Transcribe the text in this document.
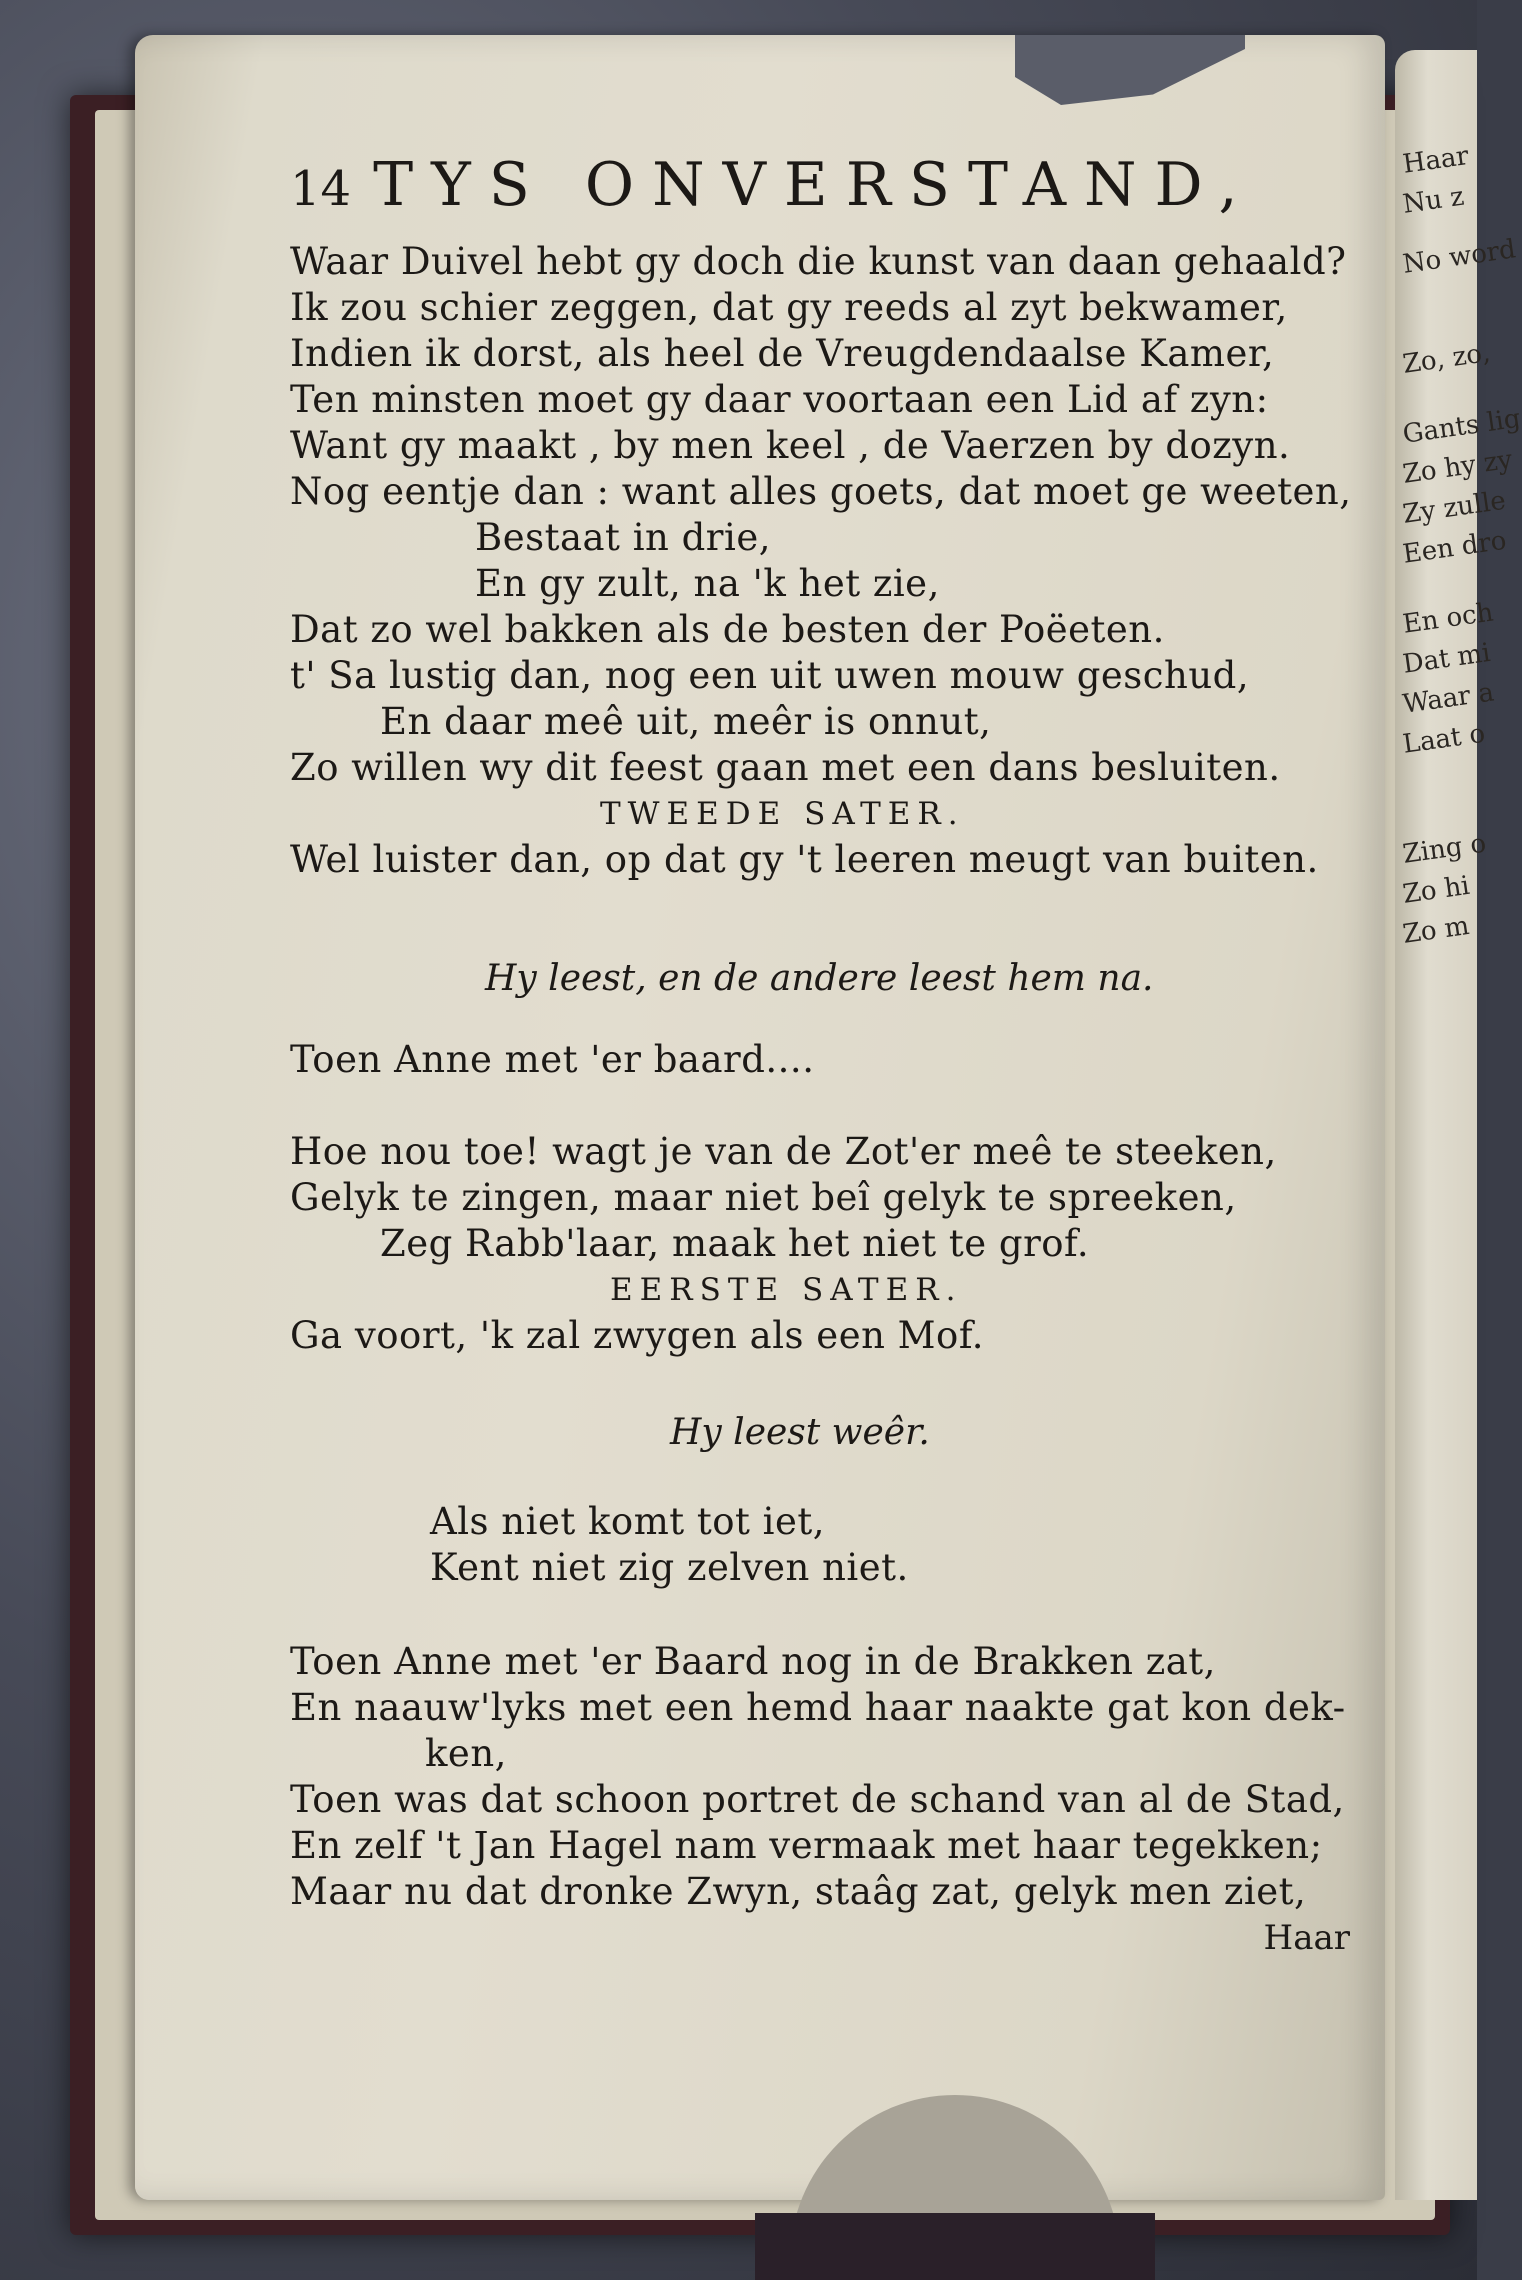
Haar
Nu z
No word
Zo, zo,
Gants lig
Zo hy zy
Zy zulle
Een dro
En och
Dat mi
Waar a
Laat o
Zing o
Zo hi
Zo m
14 TYS ONVERSTAND,
Waar Duivel hebt gy doch die kunst van daan gehaald?
Ik zou schier zeggen, dat gy reeds al zyt bekwamer,
Indien ik dorst, als heel de Vreugdendaalse Kamer,
Ten minsten moet gy daar voortaan een Lid af zyn:
Want gy maakt , by men keel , de Vaerzen by dozyn.
Nog eentje dan : want alles goets, dat moet ge weeten,
Bestaat in drie,
En gy zult, na 'k het zie,
Dat zo wel bakken als de besten der Poëeten.
t' Sa lustig dan, nog een uit uwen mouw geschud,
En daar meê uit, meêr is onnut,
Zo willen wy dit feest gaan met een dans besluiten.
TWEEDE SATER.
Wel luister dan, op dat gy 't leeren meugt van buiten.
Hy leest, en de andere leest hem na.
Toen Anne met 'er baard....
Hoe nou toe! wagt je van de Zot'er meê te steeken,
Gelyk te zingen, maar niet beî gelyk te spreeken,
Zeg Rabb'laar, maak het niet te grof.
EERSTE SATER.
Ga voort, 'k zal zwygen als een Mof.
Hy leest weêr.
Als niet komt tot iet,
Kent niet zig zelven niet.
Toen Anne met 'er Baard nog in de Brakken zat,
En naauw'lyks met een hemd haar naakte gat kon dek-
ken,
Toen was dat schoon portret de schand van al de Stad,
En zelf 't Jan Hagel nam vermaak met haar tegekken;
Maar nu dat dronke Zwyn, staâg zat, gelyk men ziet,
Haar
